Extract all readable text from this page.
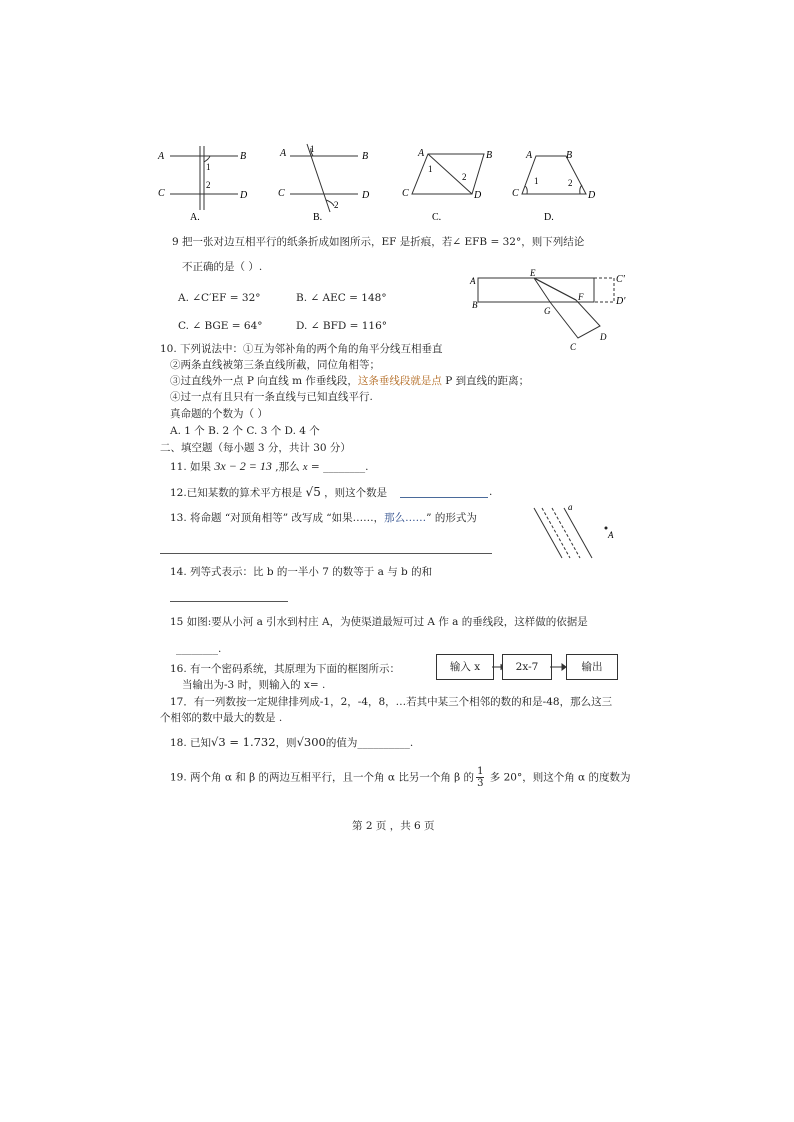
A	B
C	D
1
2
A.
A	B
C	D
1
2
B.
A	B
C	D
1
2
C.
A	B
C	D
1	2
D.
9 把一张对边互相平行的纸条折成如图所示，EF 是折痕，若∠ EFB = 32°，则下列结论
不正确的是（ ）.
A. ∠C′EF = 32°	B. ∠ AEC = 148°
C. ∠ BGE = 64°	D. ∠ BFD = 116°
A
B
E
F
G
C'
D'
C
D
10. 下列说法中：①互为邻补角的两个角的角平分线互相垂直
②两条直线被第三条直线所截，同位角相等；
③过直线外一点 P 向直线 m 作垂线段，这条垂线段就是点 P 到直线的距离；
④过一点有且只有一条直线与已知直线平行.
真命题的个数为（ ）
A. 1 个 B. 2 个 C. 3 个 D. 4 个
二、填空题（每小题 3 分，共计 30 分）
11. 如果 3x − 2 = 13 ,那么 x = ________.
12.已知某数的算术平方根是 √5 ，则这个数是	.
13. 将命题 “对顶角相等” 改写成 “如果……，那么……” 的形式为
a
A
14. 列等式表示：比 b 的一半小 7 的数等于 a 与 b 的和
15 如图:要从小河 a 引水到村庄 A，为使渠道最短可过 A 作 a 的垂线段，这样做的依据是
________.
16. 有一个密码系统，其原理为下面的框图所示：
当输出为-3 时，则输入的 x= .
输入 x	2x-7	输出
17．有一列数按一定规律排列成-1，2，-4，8，…若其中某三个相邻的数的和是-48，那么这三
个相邻的数中最大的数是 .
18. 已知√3 = 1.732，则√300的值为__________.
19. 两个角 α 和 β 的两边互相平行，且一个角 α 比另一个角 β 的 $\frac{1}{3}$ 多 20°，则这个角 α 的度数为
第 2 页 ，共 6 页
